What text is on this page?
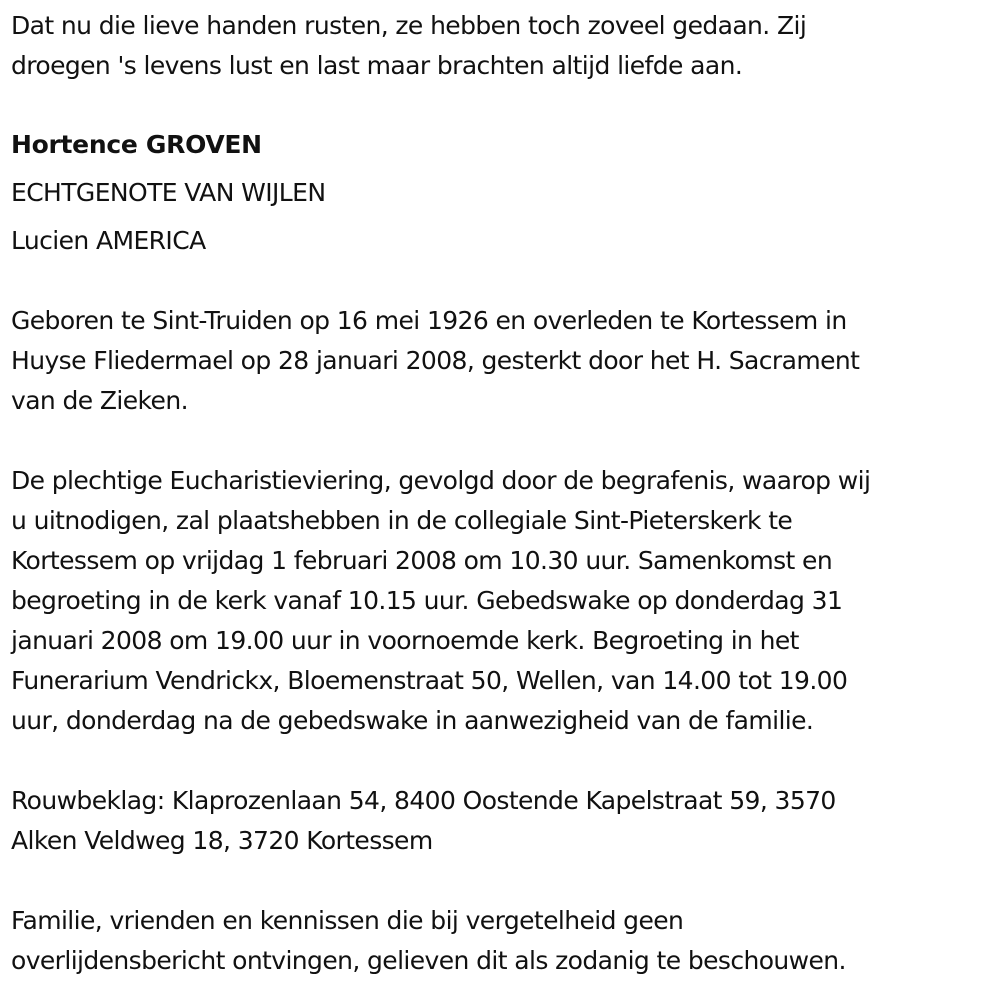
Dat nu die lieve handen rusten, ze hebben toch zoveel gedaan. Zij

droegen 's levens lust en last maar brachten altijd liefde aan.

Hortence GROVEN

ECHTGENOTE VAN WIJLEN

Lucien AMERICA

Geboren te Sint-Truiden op 16 mei 1926 en overleden te Kortessem in

Huyse Fliedermael op 28 januari 2008, gesterkt door het H. Sacrament

van de Zieken.

De plechtige Eucharistieviering, gevolgd door de begrafenis, waarop wij

u uitnodigen, zal plaatshebben in de collegiale Sint-Pieterskerk te

Kortessem op vrijdag 1 februari 2008 om 10.30 uur. Samenkomst en

begroeting in de kerk vanaf 10.15 uur. Gebedswake op donderdag 31

januari 2008 om 19.00 uur in voornoemde kerk. Begroeting in het

Funerarium Vendrickx, Bloemenstraat 50, Wellen, van 14.00 tot 19.00

uur, donderdag na de gebedswake in aanwezigheid van de familie.

Rouwbeklag: Klaprozenlaan 54, 8400 Oostende Kapelstraat 59, 3570

Alken Veldweg 18, 3720 Kortessem

Familie, vrienden en kennissen die bij vergetelheid geen

overlijdensbericht ontvingen, gelieven dit als zodanig te beschouwen.
